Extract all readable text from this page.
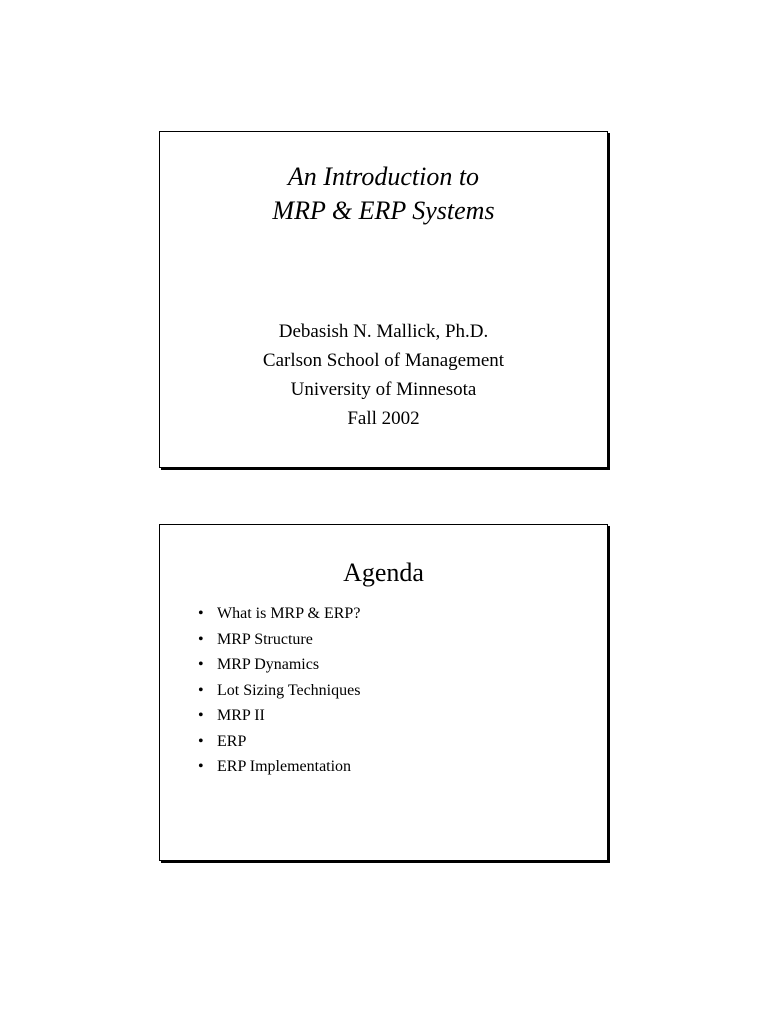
An Introduction to
MRP & ERP Systems
Debasish N. Mallick, Ph.D.
Carlson School of Management
University of Minnesota
Fall 2002
Agenda
• What is MRP & ERP?
• MRP Structure
• MRP Dynamics
• Lot Sizing Techniques
• MRP II
• ERP
• ERP Implementation
